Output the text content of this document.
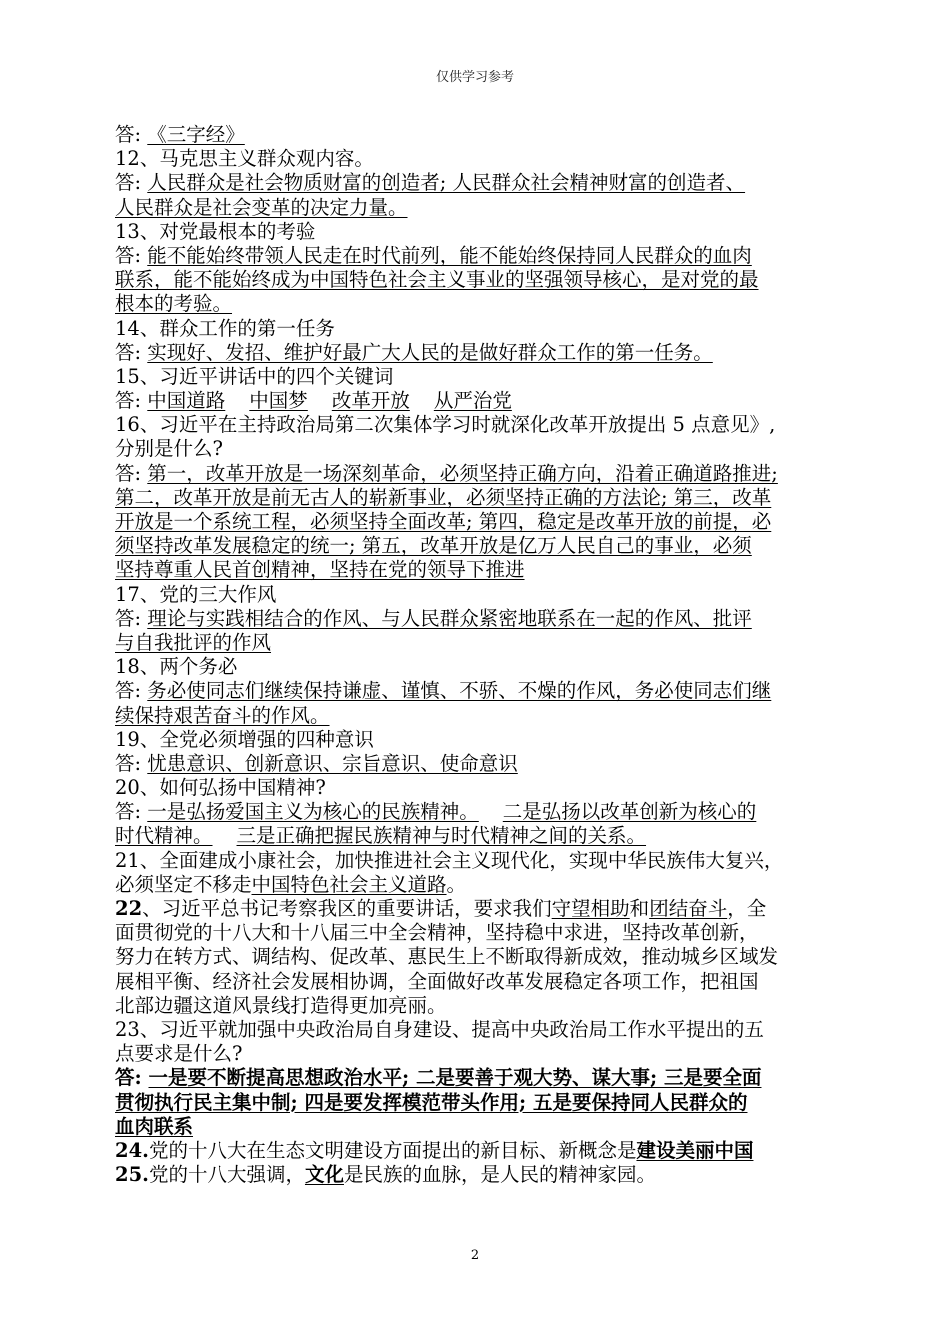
仅供学习参考
答: 《三字经》
12、马克思主义群众观内容。
答: 人民群众是社会物质财富的创造者; 人民群众社会精神财富的创造者、
人民群众是社会变革的决定力量。
13、对党最根本的考验
答: 能不能始终带领人民走在时代前列，能不能始终保持同人民群众的血肉
联系，能不能始终成为中国特色社会主义事业的坚强领导核心，是对党的最
根本的考验。
14、群众工作的第一任务
答: 实现好、发招、维护好最广大人民的是做好群众工作的第一任务。
15、习近平讲话中的四个关键词
答: 中国道路 中国梦 改革开放 从严治党
16、习近平在主持政治局第二次集体学习时就深化改革开放提出 5 点意见》,
分别是什么?
答: 第一，改革开放是一场深刻革命，必须坚持正确方向，沿着正确道路推进;
第二，改革开放是前无古人的崭新事业，必须坚持正确的方法论; 第三，改革
开放是一个系统工程，必须坚持全面改革; 第四，稳定是改革开放的前提，必
须坚持改革发展稳定的统一; 第五，改革开放是亿万人民自己的事业，必须
坚持尊重人民首创精神，坚持在党的领导下推进
17、党的三大作风
答: 理论与实践相结合的作风、与人民群众紧密地联系在一起的作风、批评
与自我批评的作风
18、两个务必
答: 务必使同志们继续保持谦虚、谨慎、不骄、不燥的作风，务必使同志们继
续保持艰苦奋斗的作风。
19、全党必须增强的四种意识
答: 忧患意识、创新意识、宗旨意识、使命意识
20、如何弘扬中国精神?
答: 一是弘扬爱国主义为核心的民族精神。 二是弘扬以改革创新为核心的
时代精神。 三是正确把握民族精神与时代精神之间的关系。
21、全面建成小康社会，加快推进社会主义现代化，实现中华民族伟大复兴，
必须坚定不移走中国特色社会主义道路。
22、习近平总书记考察我区的重要讲话，要求我们守望相助和团结奋斗，全
面贯彻党的十八大和十八届三中全会精神，坚持稳中求进，坚持改革创新，
努力在转方式、调结构、促改革、惠民生上不断取得新成效，推动城乡区域发
展相平衡、经济社会发展相协调，全面做好改革发展稳定各项工作，把祖国
北部边疆这道风景线打造得更加亮丽。
23、习近平就加强中央政治局自身建设、提高中央政治局工作水平提出的五
点要求是什么?
答: 一是要不断提高思想政治水平; 二是要善于观大势、谋大事; 三是要全面
贯彻执行民主集中制; 四是要发挥模范带头作用; 五是要保持同人民群众的
血肉联系
24.党的十八大在生态文明建设方面提出的新目标、新概念是建设美丽中国
25.党的十八大强调，文化是民族的血脉，是人民的精神家园。
2
